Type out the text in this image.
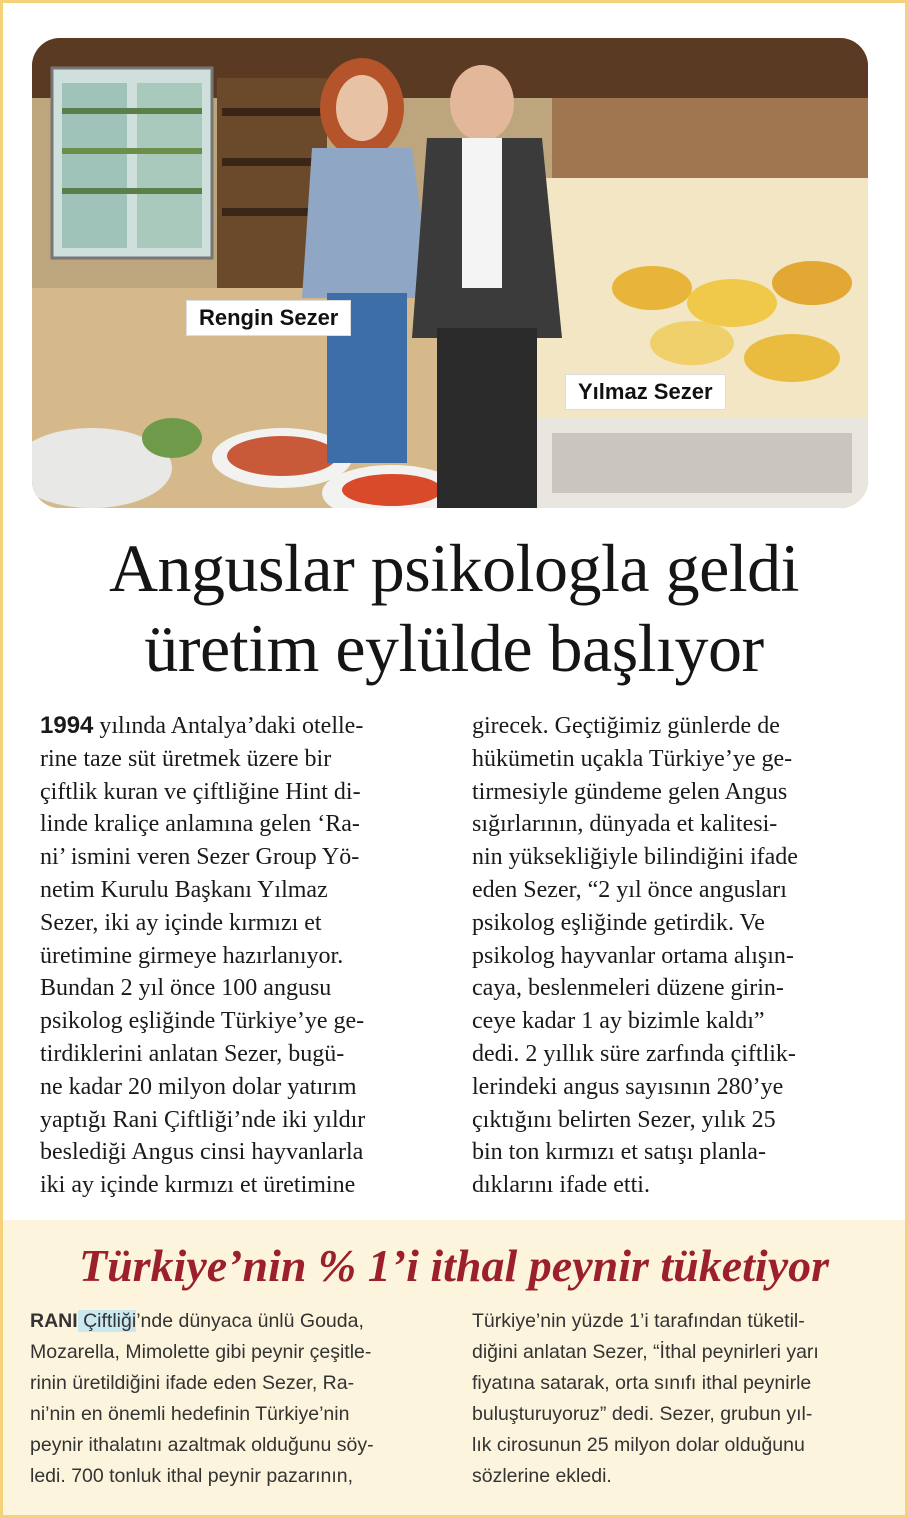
Rengin Sezer
Yılmaz Sezer
Anguslar psikologla geldi
üretim eylülde başlıyor
1994 yılında Antalya’daki otelle-
rine taze süt üretmek üzere bir
çiftlik kuran ve çiftliğine Hint di-
linde kraliçe anlamına gelen ‘Ra-
ni’ ismini veren Sezer Group Yö-
netim Kurulu Başkanı Yılmaz
Sezer, iki ay içinde kırmızı et
üretimine girmeye hazırlanıyor.
Bundan 2 yıl önce 100 angusu
psikolog eşliğinde Türkiye’ye ge-
tirdiklerini anlatan Sezer, bugü-
ne kadar 20 milyon dolar yatırım
yaptığı Rani Çiftliği’nde iki yıldır
beslediği Angus cinsi hayvanlarla
iki ay içinde kırmızı et üretimine
girecek. Geçtiğimiz günlerde de
hükümetin uçakla Türkiye’ye ge-
tirmesiyle gündeme gelen Angus
sığırlarının, dünyada et kalitesi-
nin yüksekliğiyle bilindiğini ifade
eden Sezer, “2 yıl önce angusları
psikolog eşliğinde getirdik. Ve
psikolog hayvanlar ortama alışın-
caya, beslenmeleri düzene girin-
ceye kadar 1 ay bizimle kaldı”
dedi. 2 yıllık süre zarfında çiftlik-
lerindeki angus sayısının 280’ye
çıktığını belirten Sezer, yılık 25
bin ton kırmızı et satışı planla-
dıklarını ifade etti.
Türkiye’nin % 1’i ithal peynir tüketiyor
RANI Çiftliği’nde dünyaca ünlü Gouda,
Mozarella, Mimolette gibi peynir çeşitle-
rinin üretildiğini ifade eden Sezer, Ra-
ni’nin en önemli hedefinin Türkiye’nin
peynir ithalatını azaltmak olduğunu söy-
ledi. 700 tonluk ithal peynir pazarının,
Türkiye’nin yüzde 1’i tarafından tüketil-
diğini anlatan Sezer, “İthal peynirleri yarı
fiyatına satarak, orta sınıfı ithal peynirle
buluşturuyoruz” dedi. Sezer, grubun yıl-
lık cirosunun 25 milyon dolar olduğunu
sözlerine ekledi.
